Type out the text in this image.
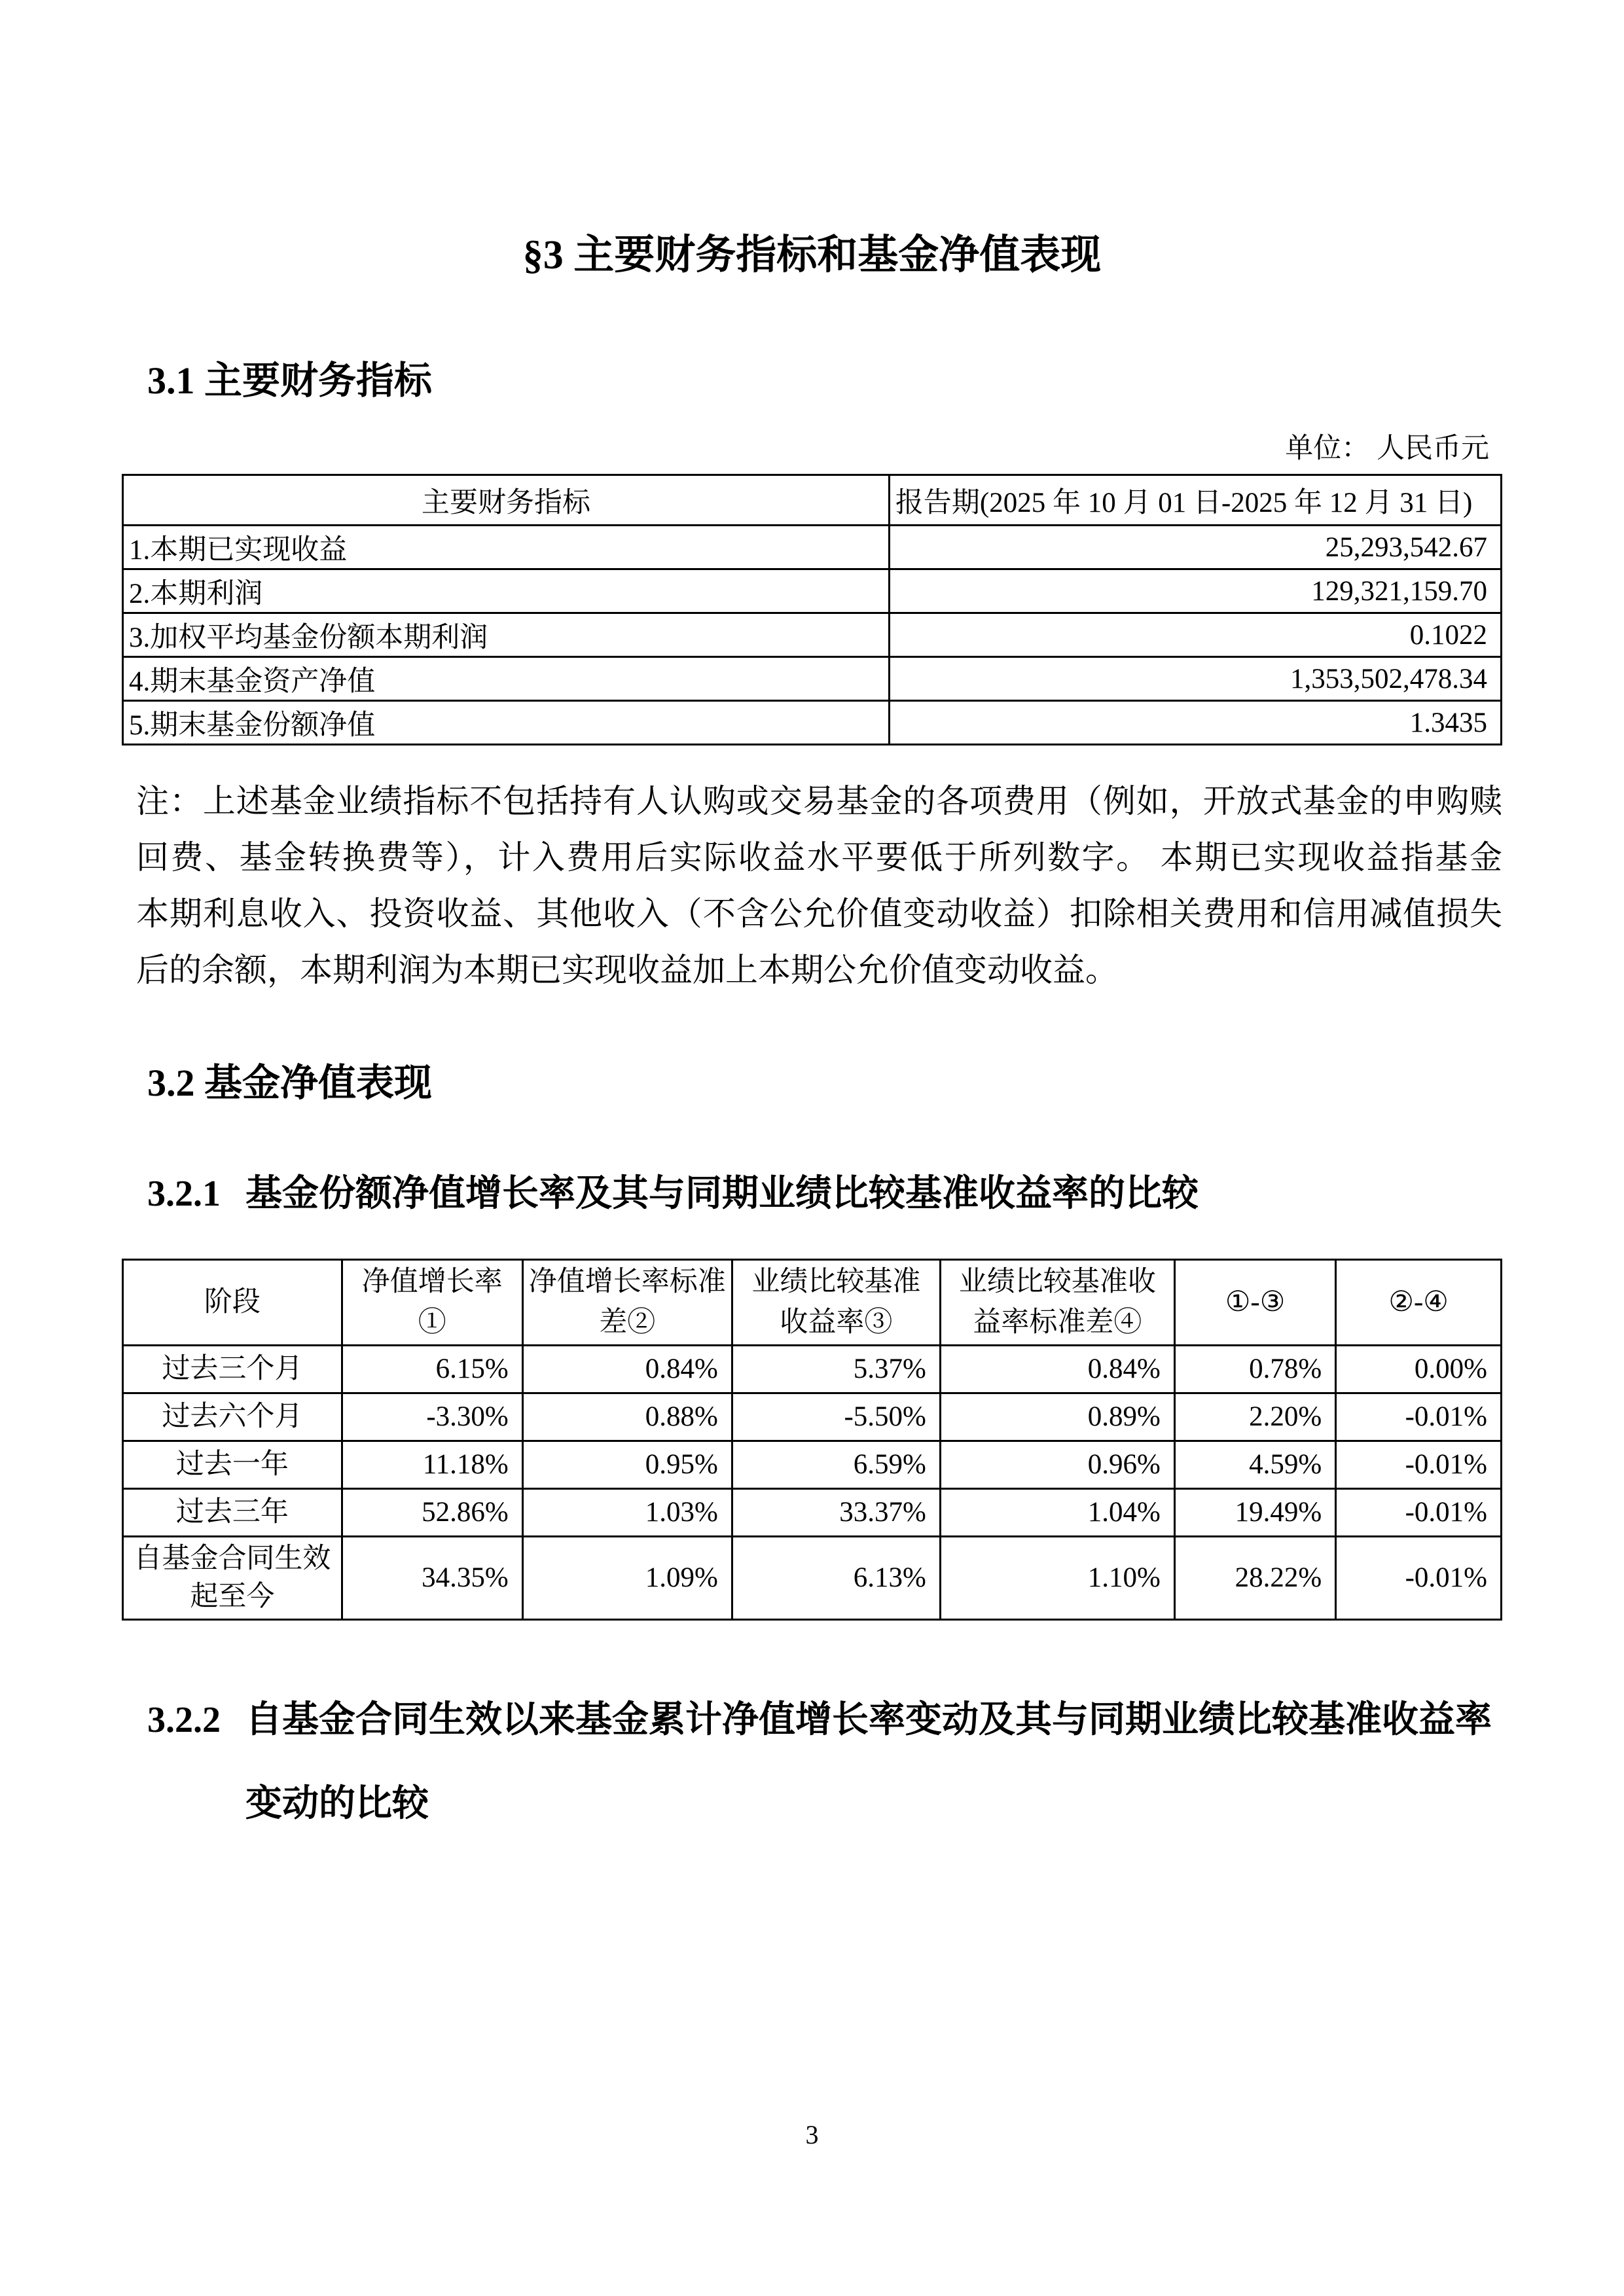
§3 主要财务指标和基金净值表现
3.1 主要财务指标
单位： 人民币元
主要财务指标	报告期(2025 年 10 月 01 日-2025 年 12 月 31 日)
1.本期已实现收益	25,293,542.67
2.本期利润	129,321,159.70
3.加权平均基金份额本期利润	0.1022
4.期末基金资产净值	1,353,502,478.34
5.期末基金份额净值	1.3435
注：上述基金业绩指标不包括持有人认购或交易基金的各项费用（例如，开放式基金的申购赎
回费、基金转换费等），计入费用后实际收益水平要低于所列数字。 本期已实现收益指基金
本期利息收入、投资收益、其他收入（不含公允价值变动收益）扣除相关费用和信用减值损失
后的余额，本期利润为本期已实现收益加上本期公允价值变动收益。
3.2 基金净值表现
3.2.1 基金份额净值增长率及其与同期业绩比较基准收益率的比较
阶段	净值增长率①	净值增长率标准差②	业绩比较基准收益率③	业绩比较基准收益率标准差④	①-③	②-④
过去三个月	6.15%	0.84%	5.37%	0.84%	0.78%	0.00%
过去六个月	-3.30%	0.88%	-5.50%	0.89%	2.20%	-0.01%
过去一年	11.18%	0.95%	6.59%	0.96%	4.59%	-0.01%
过去三年	52.86%	1.03%	33.37%	1.04%	19.49%	-0.01%
自基金合同生效起至今	34.35%	1.09%	6.13%	1.10%	28.22%	-0.01%
3.2.2 自基金合同生效以来基金累计净值增长率变动及其与同期业绩比较基准收益率变动的比较
3
